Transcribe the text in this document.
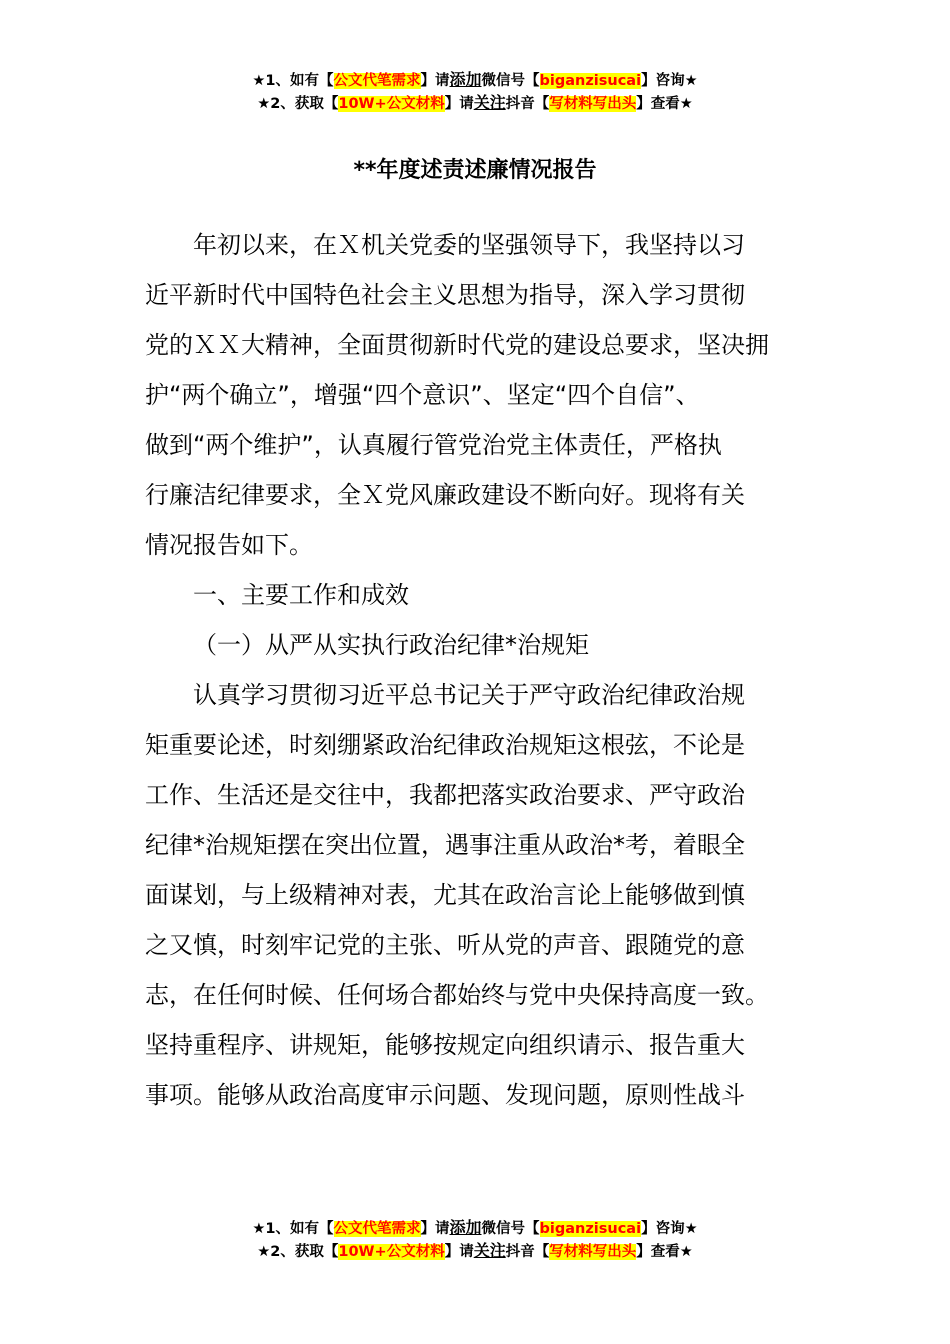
★1、如有【公文代笔需求】请添加微信号【biganzisucai】咨询★
★2、获取【10W+公文材料】请关注抖音【写材料写出头】查看★
**年度述责述廉情况报告
年初以来，在Ｘ机关党委的坚强领导下，我坚持以习
近平新时代中国特色社会主义思想为指导，深入学习贯彻
党的ＸＸ大精神，全面贯彻新时代党的建设总要求，坚决拥
护“两个确立”，增强“四个意识”、坚定“四个自信”、
做到“两个维护”，认真履行管党治党主体责任，严格执
行廉洁纪律要求，全Ｘ党风廉政建设不断向好。现将有关
情况报告如下。
一、主要工作和成效
（一）从严从实执行政治纪律*治规矩
认真学习贯彻习近平总书记关于严守政治纪律政治规
矩重要论述，时刻绷紧政治纪律政治规矩这根弦，不论是
工作、生活还是交往中，我都把落实政治要求、严守政治
纪律*治规矩摆在突出位置，遇事注重从政治*考，着眼全
面谋划，与上级精神对表，尤其在政治言论上能够做到慎
之又慎，时刻牢记党的主张、听从党的声音、跟随党的意
志，在任何时候、任何场合都始终与党中央保持高度一致。
坚持重程序、讲规矩，能够按规定向组织请示、报告重大
事项。能够从政治高度审示问题、发现问题，原则性战斗
★1、如有【公文代笔需求】请添加微信号【biganzisucai】咨询★
★2、获取【10W+公文材料】请关注抖音【写材料写出头】查看★
